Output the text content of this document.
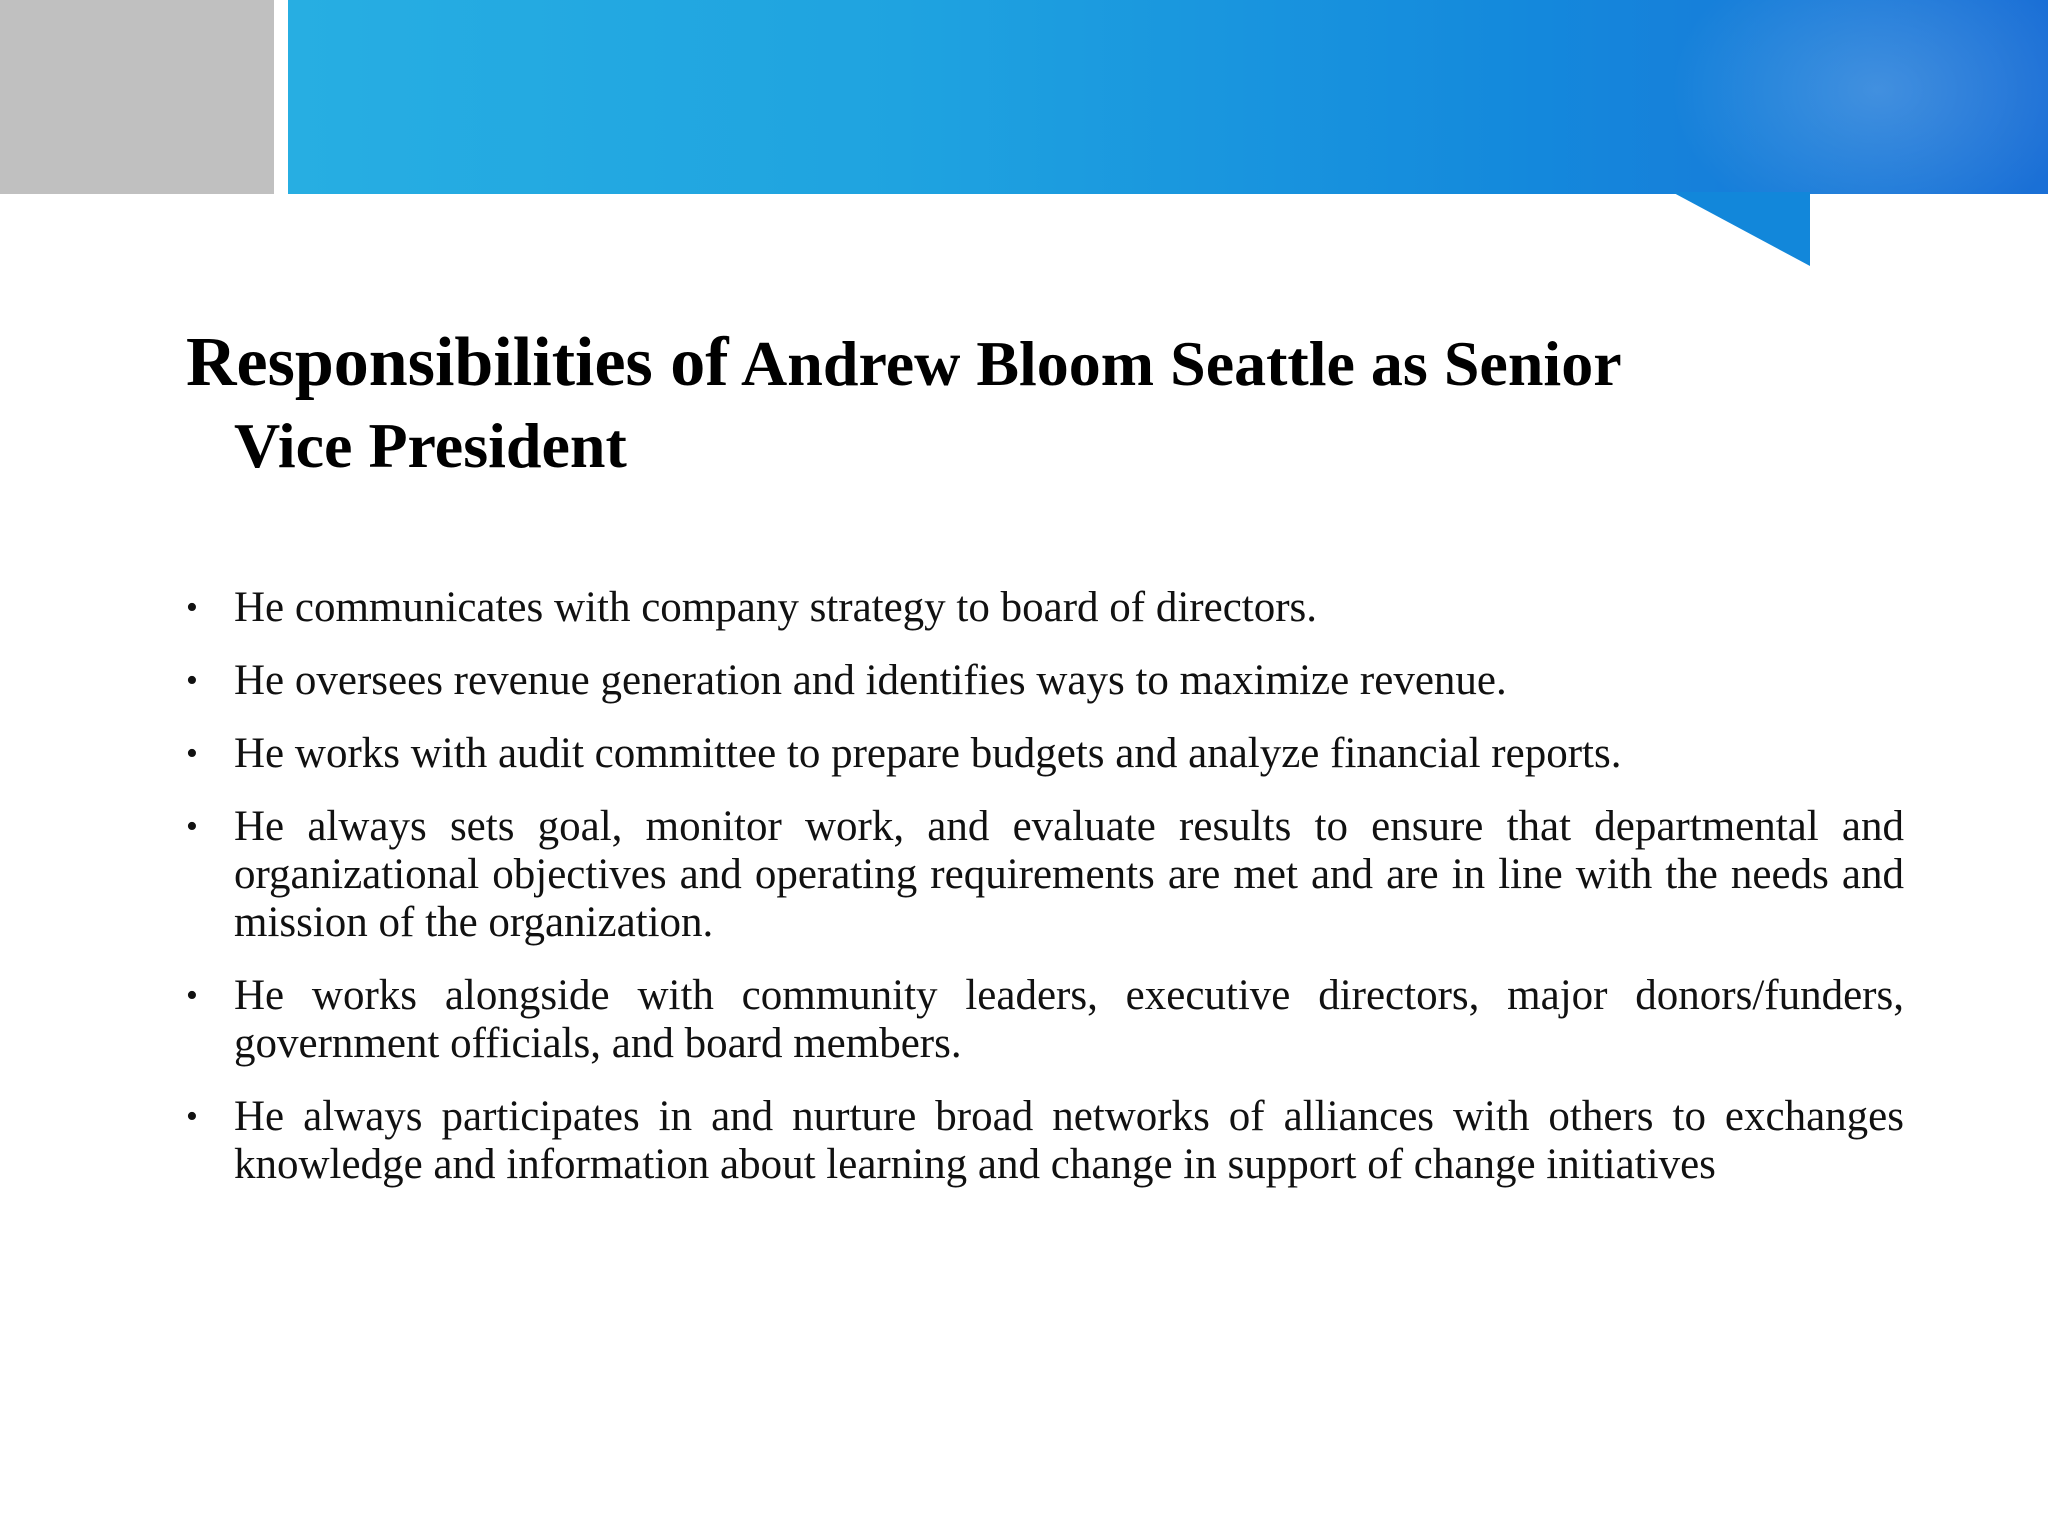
Responsibilities of Andrew Bloom Seattle as Senior
Vice President
• He communicates with company strategy to board of directors.
• He oversees revenue generation and identifies ways to maximize revenue.
• He works with audit committee to prepare budgets and analyze financial reports.
• He always sets goal, monitor work, and evaluate results to ensure that departmental and organizational objectives and operating requirements are met and are in line with the needs and mission of the organization.
• He works alongside with community leaders, executive directors, major donors/funders, government officials, and board members.
• He always participates in and nurture broad networks of alliances with others to exchanges knowledge and information about learning and change in support of change initiatives
